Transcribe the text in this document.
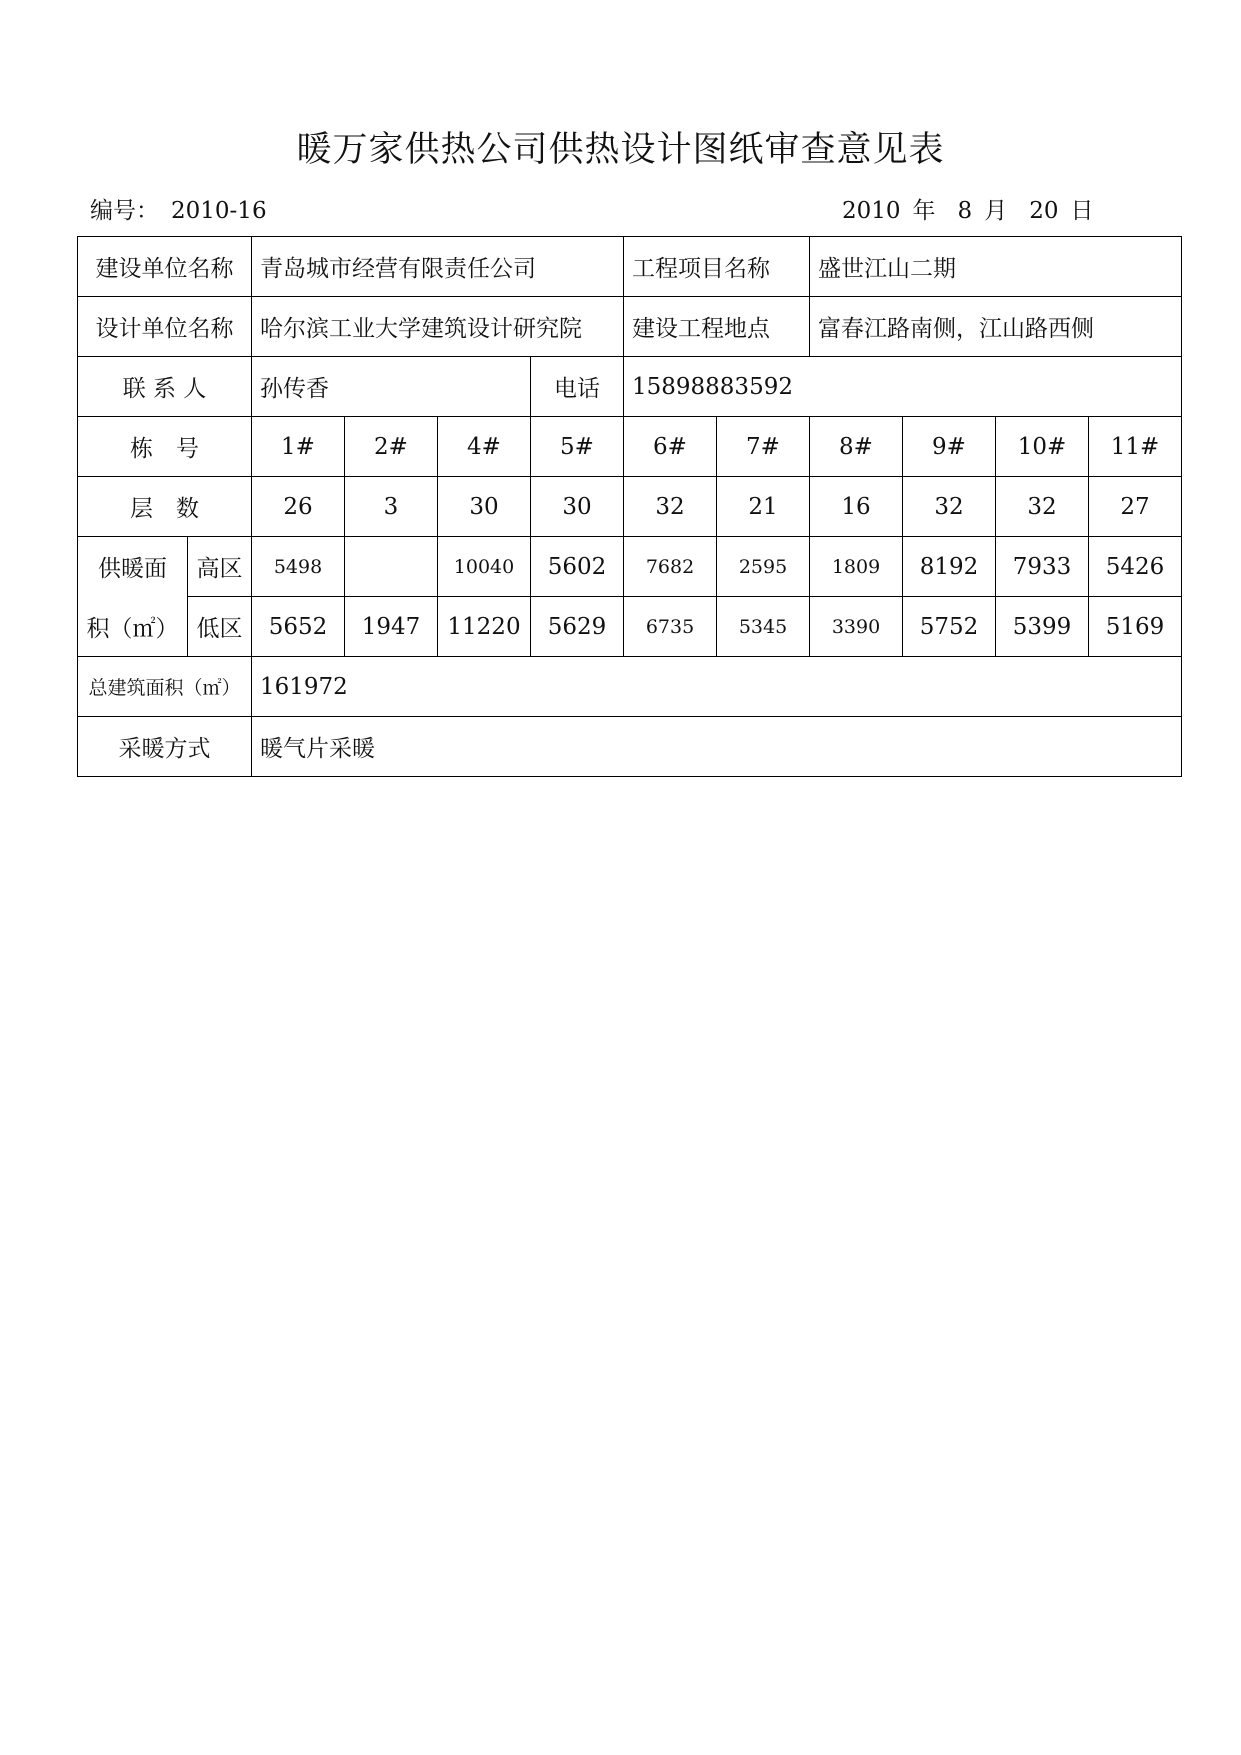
暖万家供热公司供热设计图纸审查意见表
编号： 2010-16	2010 年 8 月 20 日
建设单位名称		青岛城市经营有限责任公司				工程项目名称		盛世江山二期			
设计单位名称		哈尔滨工业大学建筑设计研究院				建设工程地点		富春江路南侧，江山路西侧			
联 系 人		孙传香			电话	15898883592					
栋　号		1#	2#	4#	5#	6#	7#	8#	9#	10#	11#
层　数		26	3	30	30	32	21	16	32	32	27
供暖面	高区	5498		10040	5602	7682	2595	1809	8192	7933	5426
积（㎡）	低区	5652	1947	11220	5629	6735	5345	3390	5752	5399	5169
总建筑面积（㎡）		161972									
采暖方式		暖气片采暖									
